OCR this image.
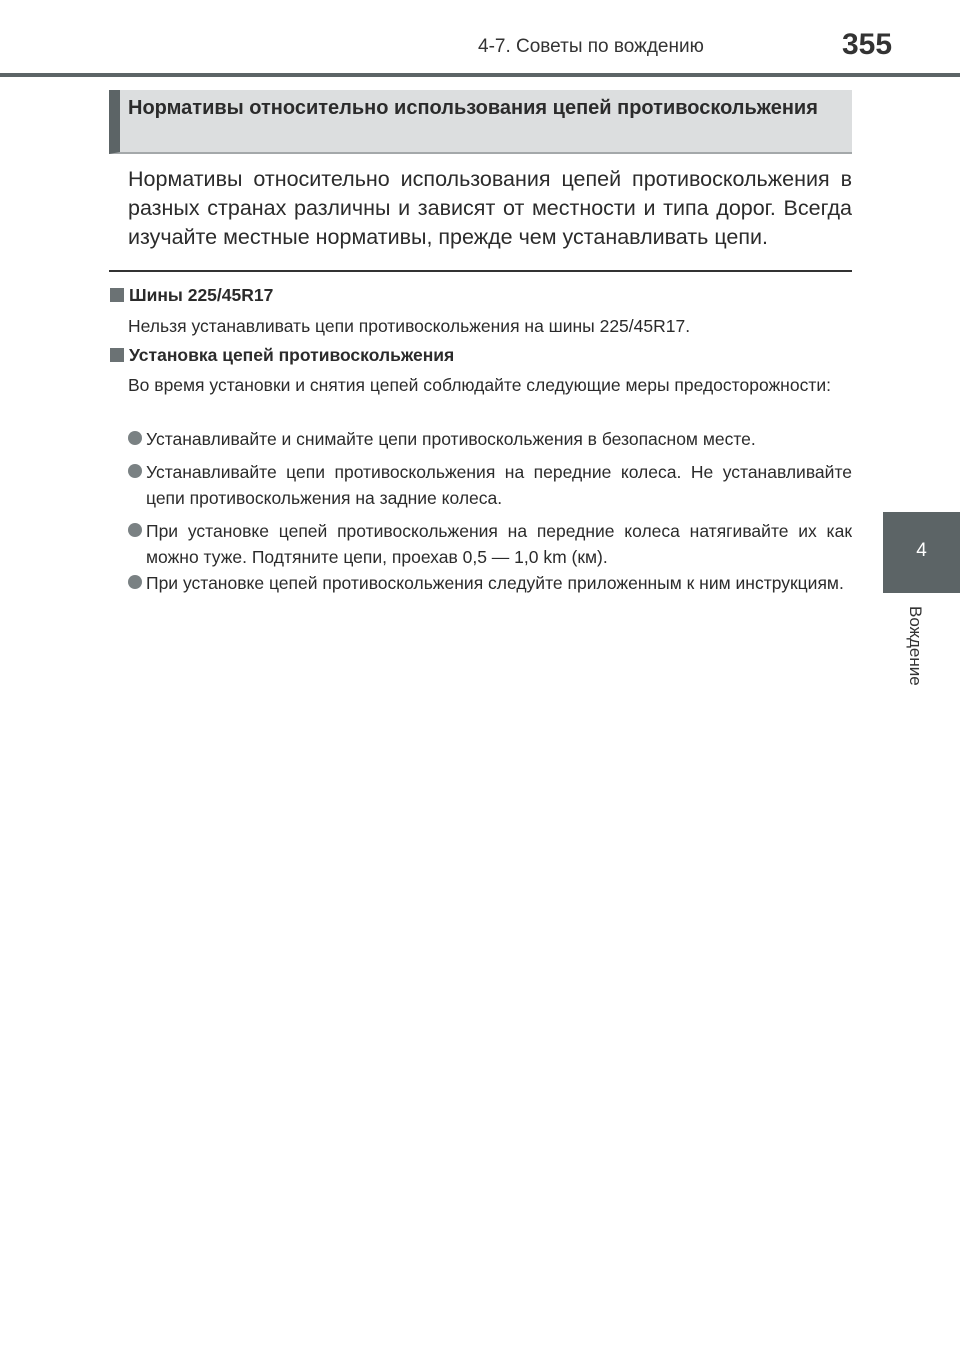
4-7. Советы по вождению	355
4
Вождение
Нормативы относительно использования цепей противоскольжения

Нормативы относительно использования цепей противоскольжения в разных странах различны и зависят от местности и типа дорог. Всегда изучайте местные нормативы, прежде чем устанавливать цепи.

Шины 225/45R17

Нельзя устанавливать цепи противоскольжения на шины 225/45R17.

Установка цепей противоскольжения

Во время установки и снятия цепей соблюдайте следующие меры предосторожности:

Устанавливайте и снимайте цепи противоскольжения в безопасном месте.

Устанавливайте цепи противоскольжения на передние колеса. Не устанавливайте цепи противоскольжения на задние колеса.

При установке цепей противоскольжения на передние колеса натягивайте их как можно туже. Подтяните цепи, проехав 0,5 — 1,0 km (км).

При установке цепей противоскольжения следуйте приложенным к ним инструкциям.
